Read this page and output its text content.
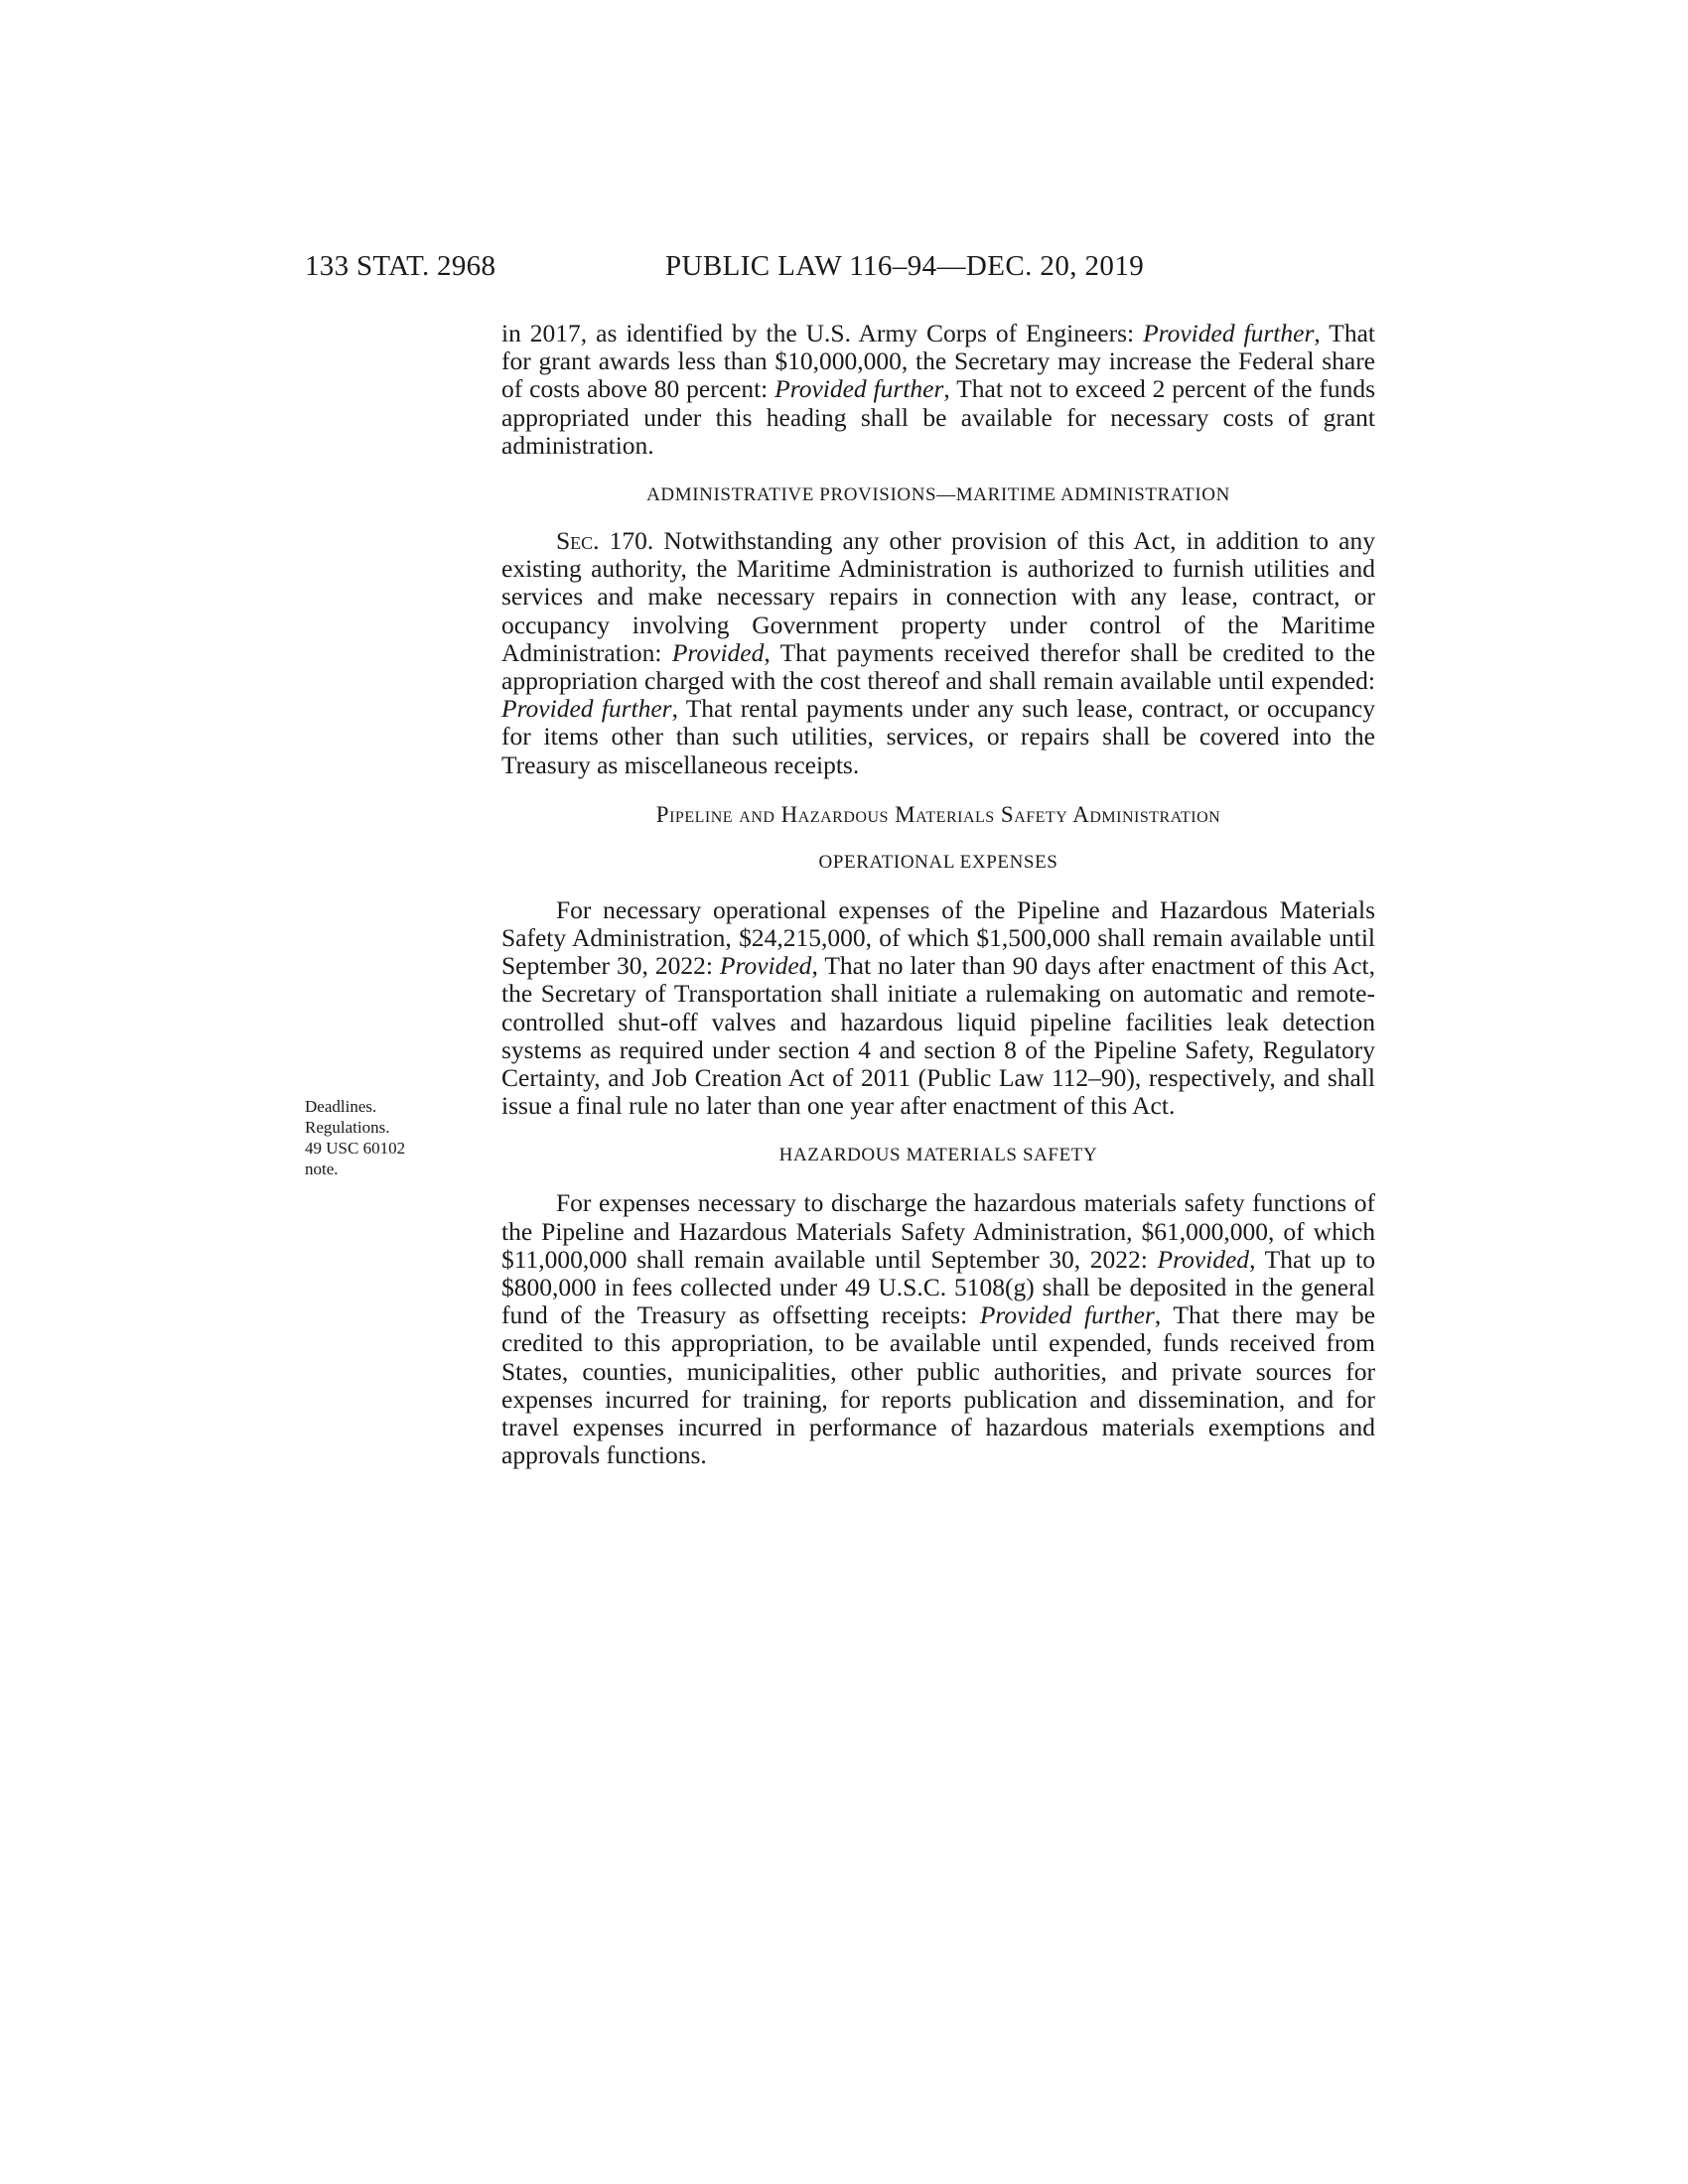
133 STAT. 2968	PUBLIC LAW 116–94—DEC. 20, 2019
Deadlines.
Regulations.
49 USC 60102
note.

in 2017, as identified by the U.S. Army Corps of Engineers: Provided further, That for grant awards less than $10,000,000, the Secretary may increase the Federal share of costs above 80 percent: Provided further, That not to exceed 2 percent of the funds appropriated under this heading shall be available for necessary costs of grant administration.

ADMINISTRATIVE PROVISIONS—MARITIME ADMINISTRATION

Sec. 170. Notwithstanding any other provision of this Act, in addition to any existing authority, the Maritime Administration is authorized to furnish utilities and services and make necessary repairs in connection with any lease, contract, or occupancy involving Government property under control of the Maritime Administration: Provided, That payments received therefor shall be credited to the appropriation charged with the cost thereof and shall remain available until expended: Provided further, That rental payments under any such lease, contract, or occupancy for items other than such utilities, services, or repairs shall be covered into the Treasury as miscellaneous receipts.

Pipeline and Hazardous Materials Safety Administration
OPERATIONAL EXPENSES

For necessary operational expenses of the Pipeline and Hazardous Materials Safety Administration, $24,215,000, of which $1,500,000 shall remain available until September 30, 2022: Provided, That no later than 90 days after enactment of this Act, the Secretary of Transportation shall initiate a rulemaking on automatic and remote-controlled shut-off valves and hazardous liquid pipeline facilities leak detection systems as required under section 4 and section 8 of the Pipeline Safety, Regulatory Certainty, and Job Creation Act of 2011 (Public Law 112–90), respectively, and shall issue a final rule no later than one year after enactment of this Act.

HAZARDOUS MATERIALS SAFETY

For expenses necessary to discharge the hazardous materials safety functions of the Pipeline and Hazardous Materials Safety Administration, $61,000,000, of which $11,000,000 shall remain available until September 30, 2022: Provided, That up to $800,000 in fees collected under 49 U.S.C. 5108(g) shall be deposited in the general fund of the Treasury as offsetting receipts: Provided further, That there may be credited to this appropriation, to be available until expended, funds received from States, counties, municipalities, other public authorities, and private sources for expenses incurred for training, for reports publication and dissemination, and for travel expenses incurred in performance of hazardous materials exemptions and approvals functions.
